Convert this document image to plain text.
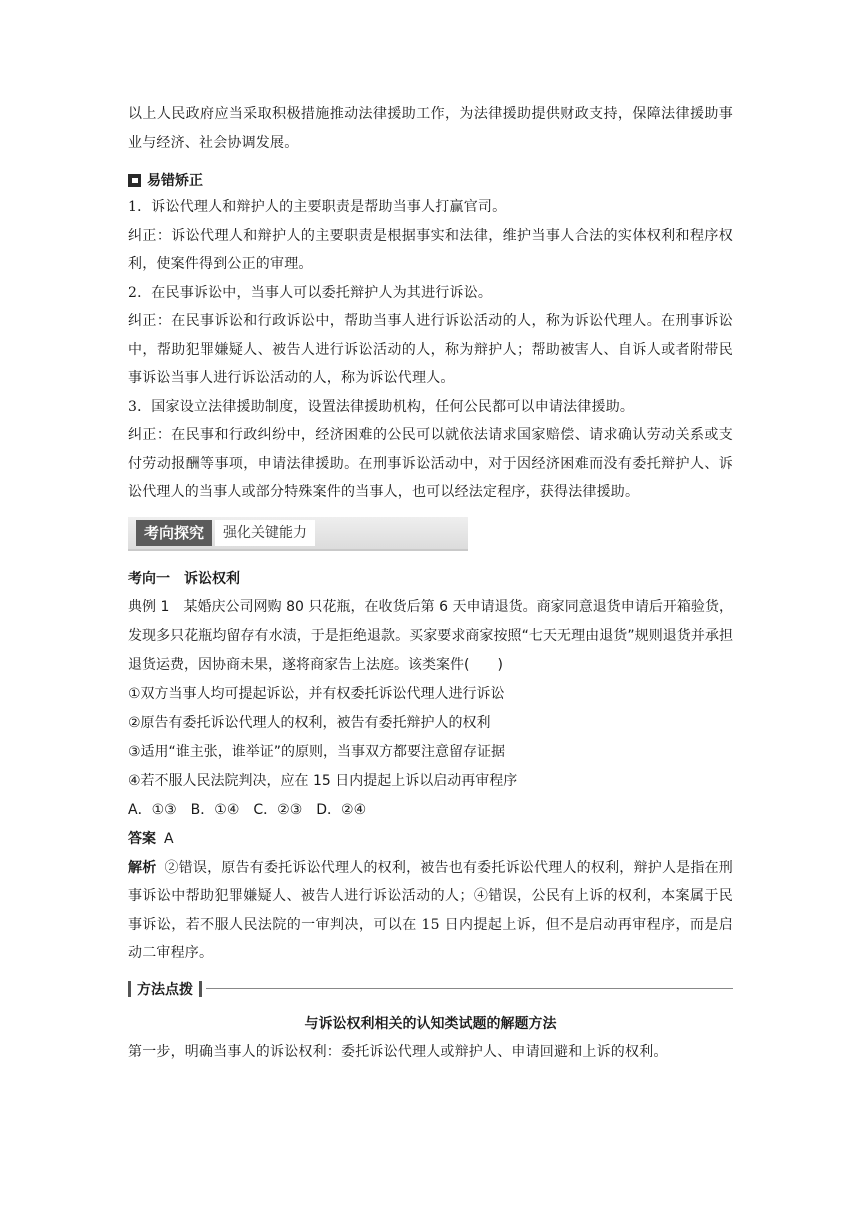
以上人民政府应当采取积极措施推动法律援助工作，为法律援助提供财政支持，保障法律援助事业与经济、社会协调发展。

易错矫正

1．诉讼代理人和辩护人的主要职责是帮助当事人打赢官司。

纠正：诉讼代理人和辩护人的主要职责是根据事实和法律，维护当事人合法的实体权利和程序权利，使案件得到公正的审理。

2．在民事诉讼中，当事人可以委托辩护人为其进行诉讼。

纠正：在民事诉讼和行政诉讼中，帮助当事人进行诉讼活动的人，称为诉讼代理人。在刑事诉讼中，帮助犯罪嫌疑人、被告人进行诉讼活动的人，称为辩护人；帮助被害人、自诉人或者附带民事诉讼当事人进行诉讼活动的人，称为诉讼代理人。

3．国家设立法律援助制度，设置法律援助机构，任何公民都可以申请法律援助。

纠正：在民事和行政纠纷中，经济困难的公民可以就依法请求国家赔偿、请求确认劳动关系或支付劳动报酬等事项，申请法律援助。在刑事诉讼活动中，对于因经济困难而没有委托辩护人、诉讼代理人的当事人或部分特殊案件的当事人，也可以经法定程序，获得法律援助。

考向探究	强化关键能力
考向一　诉讼权利

典例 1　某婚庆公司网购 80 只花瓶，在收货后第 6 天申请退货。商家同意退货申请后开箱验货，发现多只花瓶均留存有水渍，于是拒绝退款。买家要求商家按照“七天无理由退货”规则退货并承担退货运费，因协商未果，遂将商家告上法庭。该类案件(　　)

①双方当事人均可提起诉讼，并有权委托诉讼代理人进行诉讼

②原告有委托诉讼代理人的权利，被告有委托辩护人的权利

③适用“谁主张，谁举证”的原则，当事双方都要注意留存证据

④若不服人民法院判决，应在 15 日内提起上诉以启动再审程序

A．①③　B．①④　C．②③　D．②④

答案 A

解析 ②错误，原告有委托诉讼代理人的权利，被告也有委托诉讼代理人的权利，辩护人是指在刑事诉讼中帮助犯罪嫌疑人、被告人进行诉讼活动的人；④错误，公民有上诉的权利，本案属于民事诉讼，若不服人民法院的一审判决，可以在 15 日内提起上诉，但不是启动再审程序，而是启动二审程序。

方法点拨
与诉讼权利相关的认知类试题的解题方法

第一步，明确当事人的诉讼权利：委托诉讼代理人或辩护人、申请回避和上诉的权利。
